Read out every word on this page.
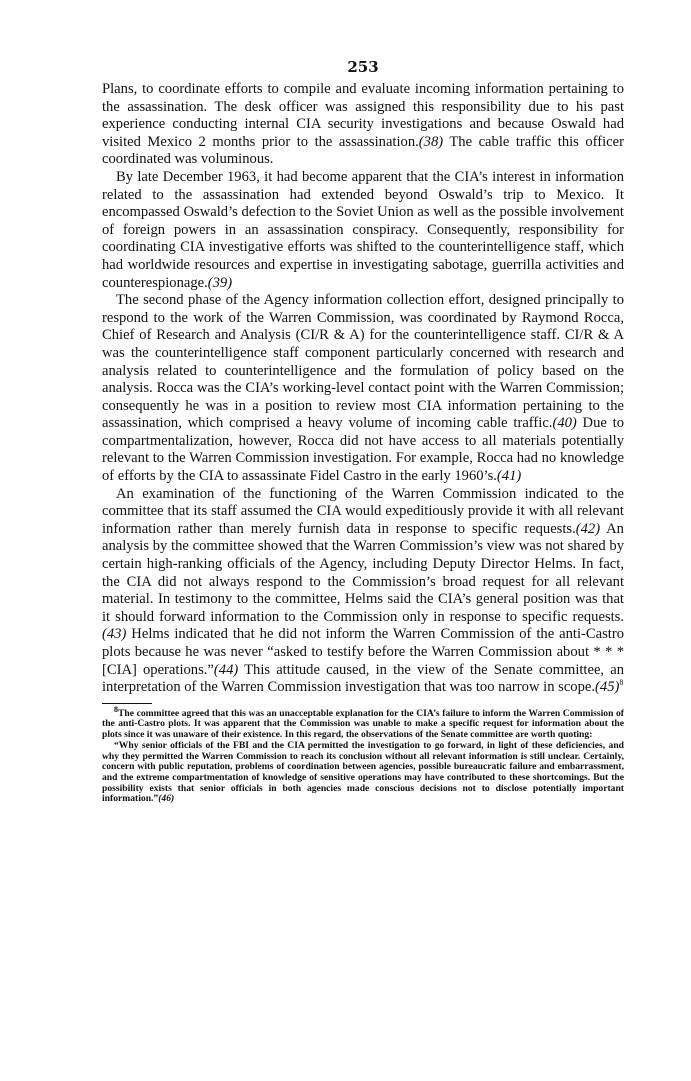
253

Plans, to coordinate efforts to compile and evaluate incoming information pertaining to the assassination. The desk officer was assigned this responsibility due to his past experience conducting internal CIA security investigations and because Oswald had visited Mexico 2 months prior to the assassination.(38) The cable traffic this officer coordinated was voluminous.

By late December 1963, it had become apparent that the CIA’s interest in information related to the assassination had extended beyond Oswald’s trip to Mexico. It encompassed Oswald’s defection to the Soviet Union as well as the possible involvement of foreign powers in an assassination conspiracy. Consequently, responsibility for coordinating CIA investigative efforts was shifted to the counterintelligence staff, which had worldwide resources and expertise in investigating sabotage, guerrilla activities and counterespionage.(39)

The second phase of the Agency information collection effort, designed principally to respond to the work of the Warren Commission, was coordinated by Raymond Rocca, Chief of Research and Analysis (CI/R & A) for the counterintelligence staff. CI/R & A was the counterintelligence staff component particularly concerned with research and analysis related to counterintelligence and the formulation of policy based on the analysis. Rocca was the CIA’s working-level contact point with the Warren Commission; consequently he was in a position to review most CIA information pertaining to the assassination, which comprised a heavy volume of incoming cable traffic.(40) Due to compartmentalization, however, Rocca did not have access to all materials potentially relevant to the Warren Commission investigation. For example, Rocca had no knowledge of efforts by the CIA to assassinate Fidel Castro in the early 1960’s.(41)

An examination of the functioning of the Warren Commission indicated to the committee that its staff assumed the CIA would expeditiously provide it with all relevant information rather than merely furnish data in response to specific requests.(42) An analysis by the committee showed that the Warren Commission’s view was not shared by certain high-ranking officials of the Agency, including Deputy Director Helms. In fact, the CIA did not always respond to the Commission’s broad request for all relevant material. In testimony to the committee, Helms said the CIA’s general position was that it should forward information to the Commission only in response to specific requests.(43) Helms indicated that he did not inform the Warren Commission of the anti-Castro plots because he was never “asked to testify before the Warren Commission about * * * [CIA] operations.”(44) This attitude caused, in the view of the Senate committee, an interpretation of the Warren Commission investigation that was too narrow in $scope.(45)^8$

$^8$The committee agreed that this was an unacceptable explanation for the CIA’s failure to inform the Warren Commission of the anti-Castro plots. It was apparent that the Commission was unable to make a specific request for information about the plots since it was unaware of their existence. In this regard, the observations of the Senate committee are worth quoting:

“Why senior officials of the FBI and the CIA permitted the investigation to go forward, in light of these deficiencies, and why they permitted the Warren Commission to reach its conclusion without all relevant information is still unclear. Certainly, concern with public reputation, problems of coordination between agencies, possible bureaucratic failure and embarrassment, and the extreme compartmentation of knowledge of sensitive operations may have contributed to these shortcomings. But the possibility exists that senior officials in both agencies made conscious decisions not to disclose potentially important information.”(46)
